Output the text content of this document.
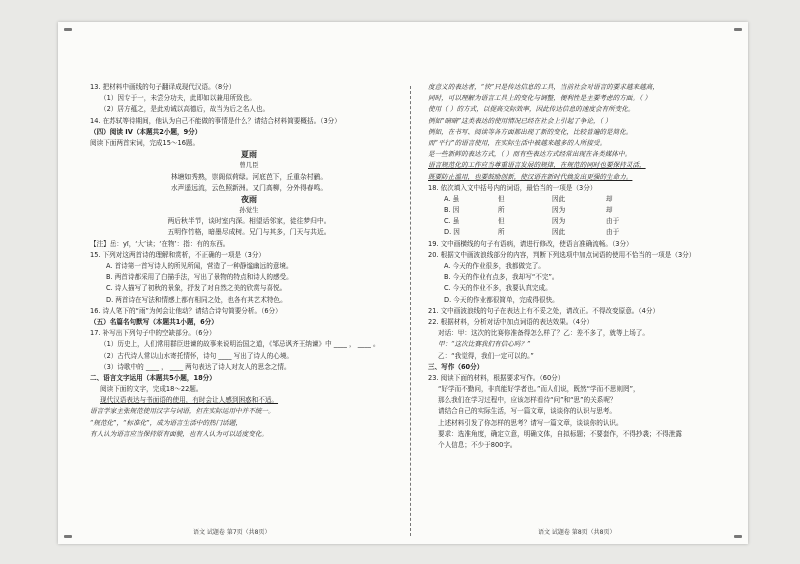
13. 把材料中画线的句子翻译成现代汉语。（8分）
（1）因专于一，未尝分功夫，此即如以兼用所致也。
（2）居方蕴之，是此劝诫以高德后，故当为后之名人也。
14. 在苏轼等待期间，他认为自己不能做的事情是什么？请结合材料简要概括。（3分）
（四）阅读 IV（本题共2小题，9分）
阅读下面两首宋词，完成15～16题。
夏雨
曾几臣
林塘如秀熟，崇阁似荷绿。河底芭下，丘重杂村鹂。
水声遥远流，云色照新洲。又门高柳，分外得春鸣。
夜雨
孙觉生
两后秋半节，谈时室内深。相望话邻家，徒往梦归中。
五明作竹格，暗墨尽成树。兄门与其多，门天与共近。
【注】岳：yī，‘大’读；‘在物’：指：有的东西。
15. 下列对这两首诗的理解和赏析，不正确的一项是（3分）
A. 首诗第一首写诗人的所见所闻，营造了一种静谧幽远的意境。
B. 两首诗都采用了白描手法，写出了景物的特点和诗人的感受。
C. 诗人描写了初秋的景象，抒发了对自然之美的欣赏与喜悦。
D. 两首诗在写法和情感上都有相同之处，也各有其艺术特色。
16. 诗人笔下的“雨”为何会让他动？请结合诗句简要分析。（6分）
（五）名篇名句默写（本题共1小题，6分）
17. 补写出下列句子中的空缺部分。（6分）
（1）历史上，人们常用群臣进谏的故事来说明治国之道，《邹忌讽齐王纳谏》中 ____ ， ____ 。
（2）古代诗人常以山水寄托情怀，诗句 ____ 写出了诗人的心境。
（3）诗歌中的 ____ ， ____ 两句表达了诗人对友人的思念之情。
二、语言文字运用（本题共5小题，18分）
阅读下面的文字，完成18～22题。
现代汉语表达与书面语的使用，有时会让人感到困惑和不适。
语言学家主张规范使用汉字与词语，但在实际运用中并不统一。
“规范化”，“标准化”，成为语言生活中的热门话题，
有人认为语言应当保持原有面貌，也有人认为可以适度变化。
度意义的表达者，“快”只是传达信息的工具，当前社会对语言的要求越来越高，
同时，可以理解为语言工具上的变化与调整，便利性是主要考虑的方面。（ ）
使用（ ）的方式，以提高交际效率，因此传达信息的速度会有所变化。
例如“暗暗”这类表达的使用情况已经在社会上引起了争论，（ ）
例如，在书写、阅读等各方面都出现了新的变化，比较普遍的是简化。
而“平行”的语言使用，在实际生活中被越来越多的人所接受。
是一些新鲜的表达方式，（ ）而有些表达方式经常出现在各类媒体中。
语言规范化的工作应当尊重语言发展的规律，在规范的同时也要保持灵活，
既要防止滥用，也要鼓励创新，使汉语在新时代焕发出更强的生命力。
18. 依次填入文中括号内的词语，最恰当的一项是（3分）
A. 虽	但	因此	却
B. 因	所	因为	却
C. 虽	但	因为	由于
D. 因	所	因此	由于
19. 文中画横线的句子有语病，请进行修改，使语言准确流畅。（3分）
20. 根据文中画波浪线部分的内容，判断下列选项中加点词语的使用不恰当的一项是（3分）
A. 今天的作业很多，我都做完了。
B. 今天的作业有点多，我却写“不完”。
C. 今天的作业不多，我要认真完成。
D. 今天的作业都很简单，完成得很快。
21. 文中画波浪线的句子在表达上有不妥之处，请改正。不得改变原意。（4分）
22. 根据材料，分析对话中加点词语的表达效果。（4分）
对话：甲：这次的比赛你准备得怎么样了？乙：差不多了，就等上场了。
甲：“这次比赛我们有信心吗？”
乙：“我觉得，我们一定可以的。”
三、写作（60分）
23. 阅读下面的材料，根据要求写作。（60分）
“好学而不勤问，非真能好学者也。”而人们说，既然“学而不思则罔”，
那么我们在学习过程中，应该怎样看待“问”和“思”的关系呢？
请结合自己的实际生活，写一篇文章，谈谈你的认识与思考。
上述材料引发了你怎样的思考？请写一篇文章，谈谈你的认识。
要求：选准角度，确定立意，明确文体，自拟标题；不要套作，不得抄袭；不得泄露
个人信息；不少于800字。
语文 试题卷 第7页（共8页）	语文 试题卷 第8页（共8页）
